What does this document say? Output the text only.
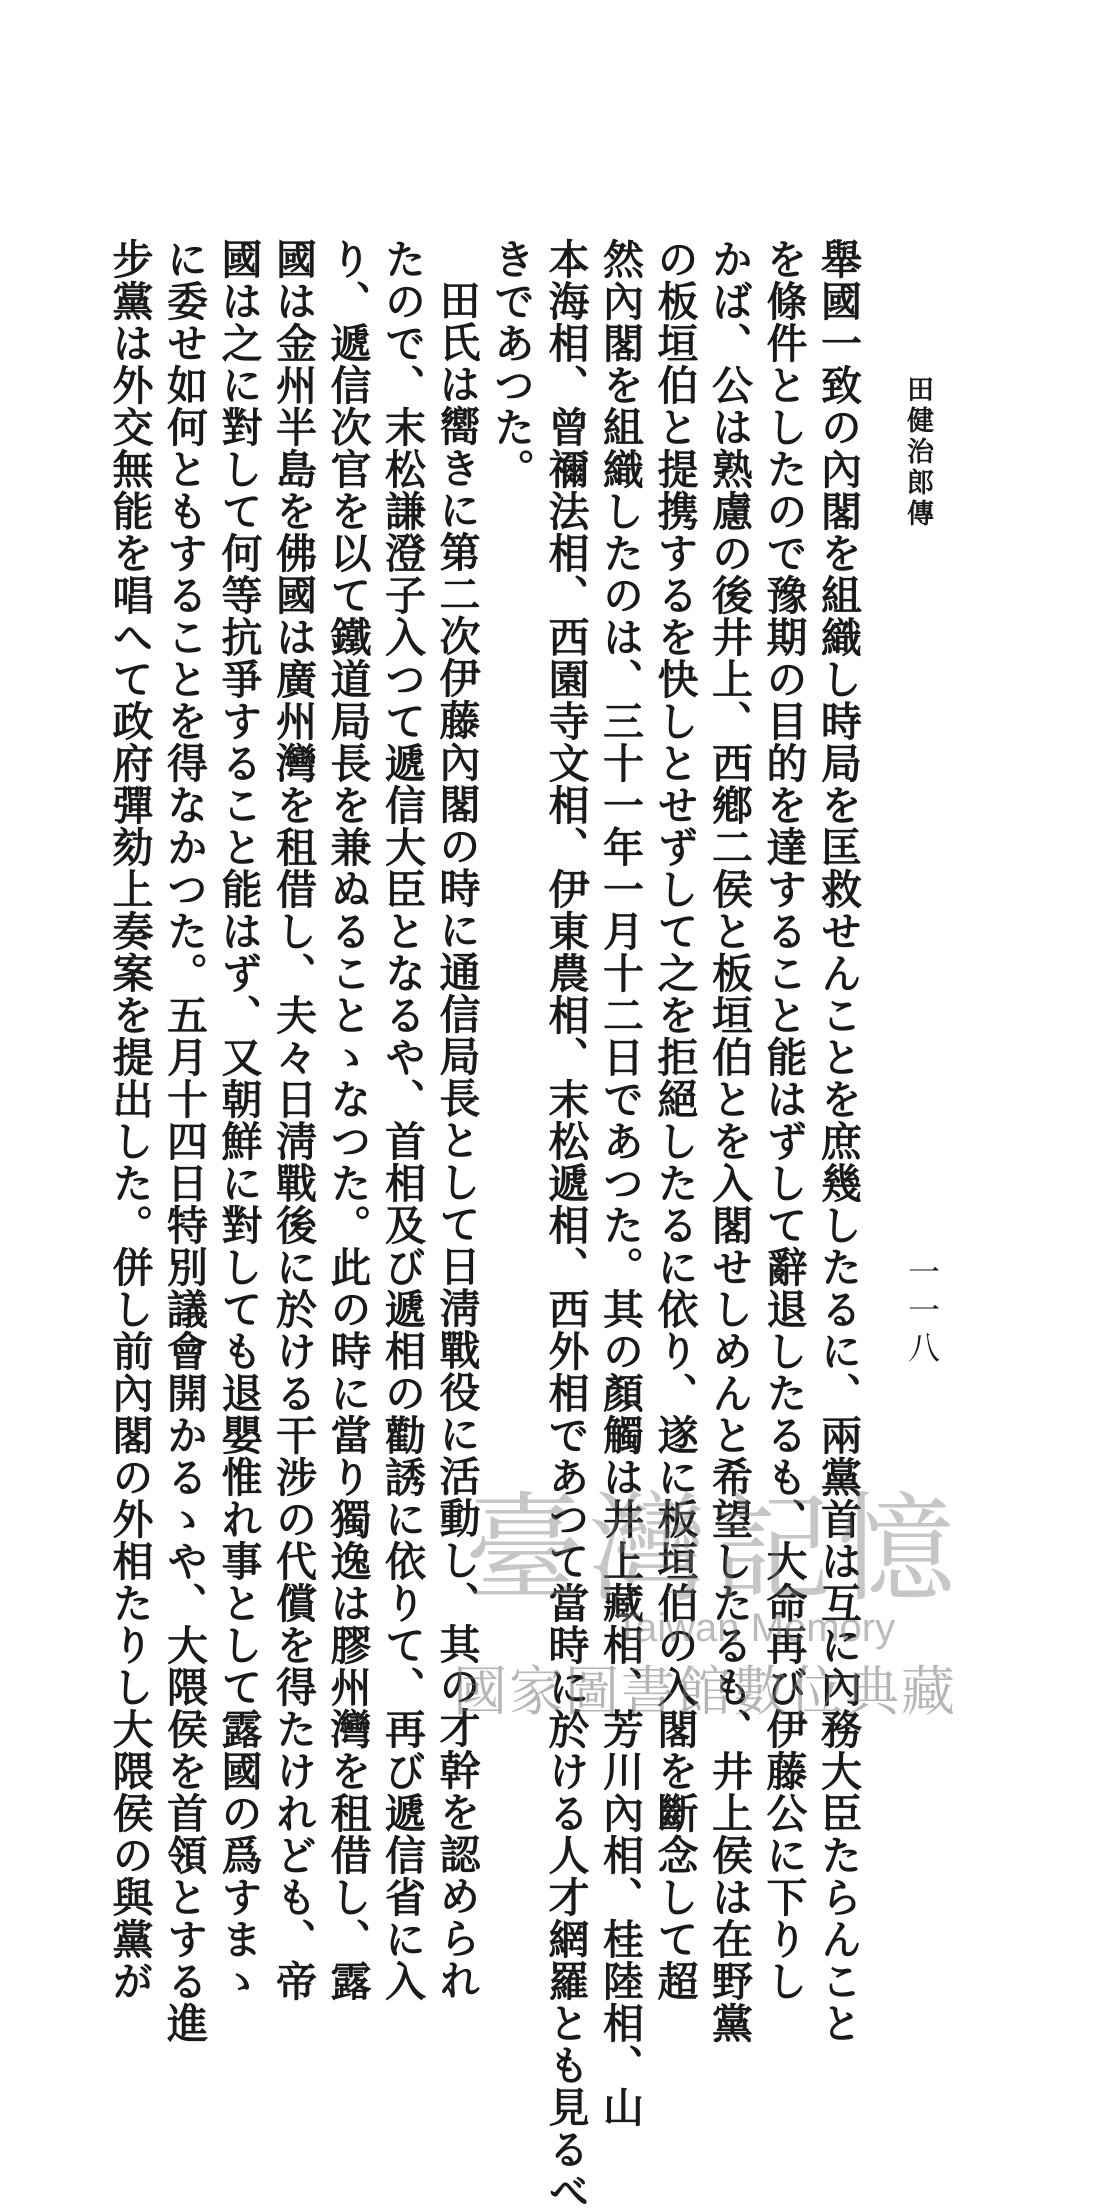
田健治郎傳
一一八

舉國一致の內閣を組織し時局を匡救せんことを庶幾したるに、兩黨首は互に內務大臣たらんこと

を條件としたので豫期の目的を達すること能はずして辭退したるも、大命再び伊藤公に下りし

かば、公は熟慮の後井上、西鄕二侯と板垣伯とを入閣せしめんと希望したるも、井上侯は在野黨

の板垣伯と提携するを快しとせずして之を拒絕したるに依り、遂に板垣伯の入閣を斷念して超

然內閣を組織したのは、三十一年一月十二日であつた。其の顏觸は井上藏相、芳川內相、桂陸相、山

本海相、曾禰法相、西園寺文相、伊東農相、末松遞相、西外相であつて當時に於ける人才網羅とも見るべ

きであつた。

田氏は嚮きに第二次伊藤內閣の時に通信局長として日淸戰役に活動し、其の才幹を認められ

たので、末松謙澄子入つて遞信大臣となるや、首相及び遞相の勸誘に依りて、再び遞信省に入

り、遞信次官を以て鐵道局長を兼ぬることゝなつた。此の時に當り獨逸は膠州灣を租借し、露

國は金州半島を佛國は廣州灣を租借し、夫々日淸戰後に於ける干涉の代償を得たけれども、帝

國は之に對して何等抗爭すること能はず、又朝鮮に對しても退嬰惟れ事として露國の爲すまゝ

に委せ如何ともすることを得なかつた。五月十四日特別議會開かるゝや、大隈侯を首領とする進

步黨は外交無能を唱へて政府彈劾上奏案を提出した。併し前內閣の外相たりし大隈侯の與黨が	臺灣記憶
Taiwan Memory
國家圖書館數位典藏
